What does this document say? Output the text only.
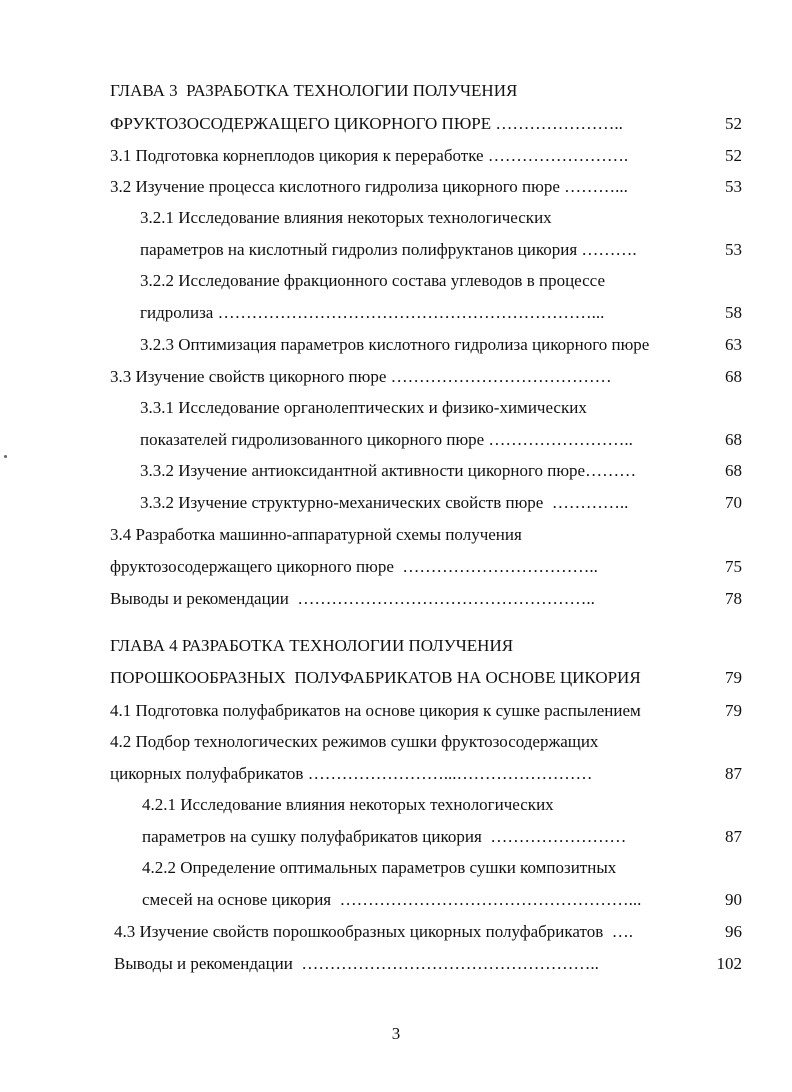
ГЛАВА 3  РАЗРАБОТКА ТЕХНОЛОГИИ ПОЛУЧЕНИЯ
ФРУКТОЗОСОДЕРЖАЩЕГО ЦИКОРНОГО ПЮРЕ …………………..	52
3.1 Подготовка корнеплодов цикория к переработке …………………….	52
3.2 Изучение процесса кислотного гидролиза цикорного пюре ………...	53
3.2.1 Исследование влияния некоторых технологических
параметров на кислотный гидролиз полифруктанов цикория ……….	53
3.2.2 Исследование фракционного состава углеводов в процессе
гидролиза …………………………………………………………...	58
3.2.3 Оптимизация параметров кислотного гидролиза цикорного пюре	63
3.3 Изучение свойств цикорного пюре …………………………………	68
3.3.1 Исследование органолептических и физико-химических
показателей гидролизованного цикорного пюре ……………………..	68
3.3.2 Изучение антиоксидантной активности цикорного пюре………	68
3.3.2 Изучение структурно-механических свойств пюре  …………..	70
3.4 Разработка машинно-аппаратурной схемы получения
фруктозосодержащего цикорного пюре  ……………………………..	75
Выводы и рекомендации  ……………………………………………..	78
ГЛАВА 4 РАЗРАБОТКА ТЕХНОЛОГИИ ПОЛУЧЕНИЯ
ПОРОШКООБРАЗНЫХ  ПОЛУФАБРИКАТОВ НА ОСНОВЕ ЦИКОРИЯ	79
4.1 Подготовка полуфабрикатов на основе цикория к сушке распылением	79
4.2 Подбор технологических режимов сушки фруктозосодержащих
цикорных полуфабрикатов ……………………...……………………	87
4.2.1 Исследование влияния некоторых технологических
параметров на сушку полуфабрикатов цикория  ……………………	87
4.2.2 Определение оптимальных параметров сушки композитных
смесей на основе цикория  ……………………………………………...	90
4.3 Изучение свойств порошкообразных цикорных полуфабрикатов  ….	96
Выводы и рекомендации  ……………………………………………..	102
3
